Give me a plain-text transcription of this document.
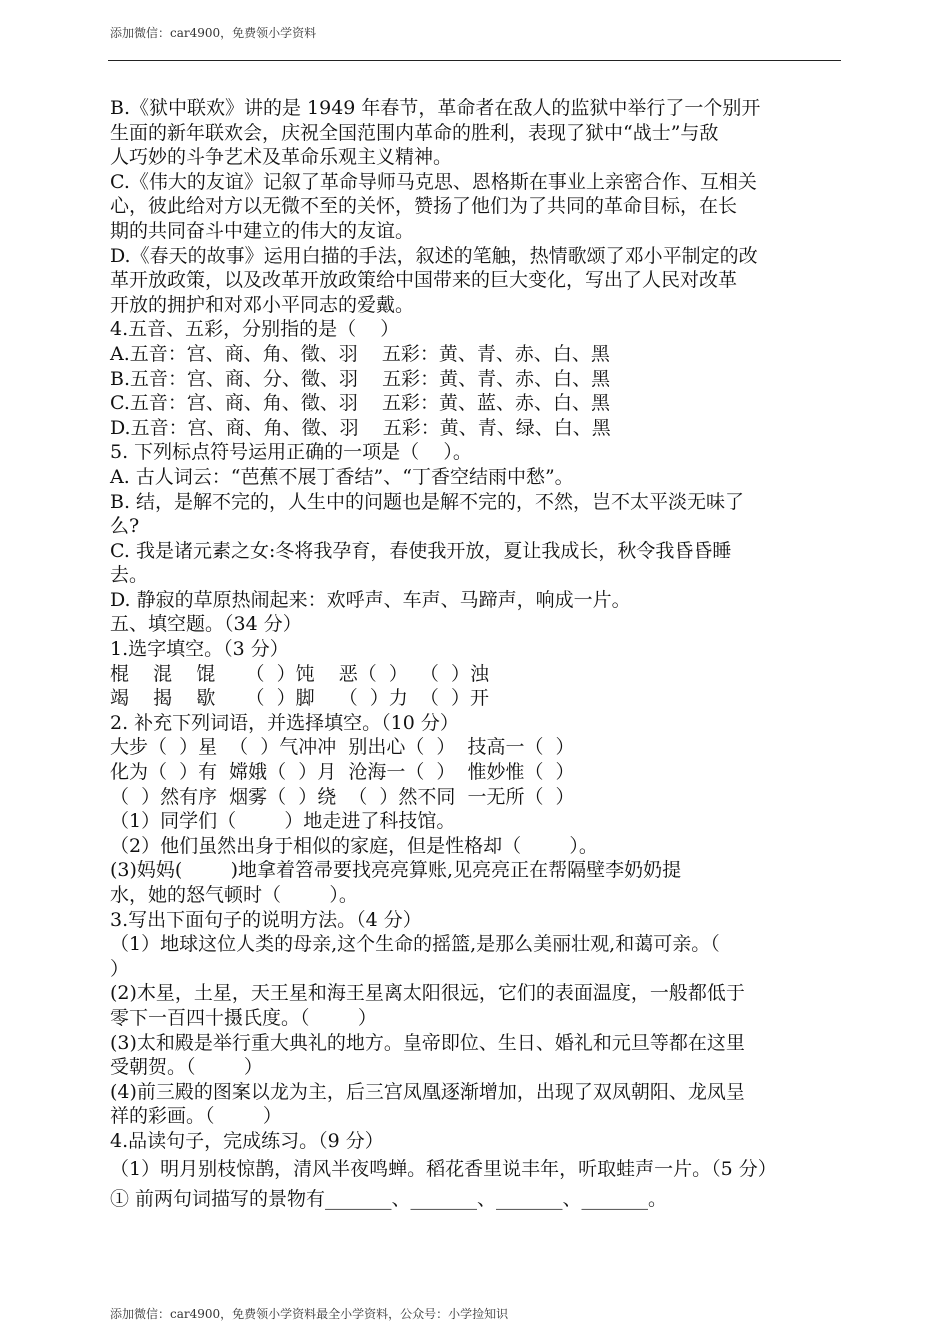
添加微信：car4900，免费领小学资料
B.《狱中联欢》讲的是 1949 年春节，革命者在敌人的监狱中举行了一个别开
生面的新年联欢会，庆祝全国范围内革命的胜利，表现了狱中“战士”与敌
人巧妙的斗争艺术及革命乐观主义精神。
C.《伟大的友谊》记叙了革命导师马克思、恩格斯在事业上亲密合作、互相关
心，彼此给对方以无微不至的关怀，赞扬了他们为了共同的革命目标，在长
期的共同奋斗中建立的伟大的友谊。
D.《春天的故事》运用白描的手法，叙述的笔触，热情歌颂了邓小平制定的改
革开放政策，以及改革开放政策给中国带来的巨大变化，写出了人民对改革
开放的拥护和对邓小平同志的爱戴。
4.五音、五彩，分别指的是（    ）
A.五音：宫、商、角、徵、羽    五彩：黄、青、赤、白、黑
B.五音：宫、商、分、徵、羽    五彩：黄、青、赤、白、黑
C.五音：宫、商、角、徵、羽    五彩：黄、蓝、赤、白、黑
D.五音：宫、商、角、徵、羽    五彩：黄、青、绿、白、黑
5. 下列标点符号运用正确的一项是（    ）。
A. 古人词云：“芭蕉不展丁香结”、“丁香空结雨中愁”。
B. 结，是解不完的，人生中的问题也是解不完的，不然，岂不太平淡无味了
么?
C. 我是诸元素之女:冬将我孕育，春使我开放，夏让我成长，秋令我昏昏睡
去。
D. 静寂的草原热闹起来：欢呼声、车声、马蹄声，响成一片。
五、填空题。（34 分）
1.选字填空。（3 分）
棍    混    馄     （  ）饨    恶（  ）  （  ）浊
竭    揭    歇     （  ）脚    （  ）力  （  ）开
2. 补充下列词语，并选择填空。（10 分）
大步（  ）星  （  ）气冲冲  别出心（  ）  技高一（  ）
化为（  ）有  嫦娥（  ）月  沧海一（  ）  惟妙惟（  ）
（  ）然有序  烟雾（  ）绕  （  ）然不同  一无所（  ）
（1）同学们（        ）地走进了科技馆。
（2）他们虽然出身于相似的家庭，但是性格却（        ）。
(3)妈妈(        )地拿着笤帚要找亮亮算账,见亮亮正在帮隔壁李奶奶提
水，她的怒气顿时（        ）。
3.写出下面句子的说明方法。（4 分）
（1）地球这位人类的母亲,这个生命的摇篮,是那么美丽壮观,和蔼可亲。（
）
(2)木星，土星，天王星和海王星离太阳很远，它们的表面温度，一般都低于
零下一百四十摄氏度。（        ）
(3)太和殿是举行重大典礼的地方。皇帝即位、生日、婚礼和元旦等都在这里
受朝贺。（        ）
(4)前三殿的图案以龙为主，后三宫凤凰逐渐增加，出现了双凤朝阳、龙凤呈
祥的彩画。（        ）
4.品读句子，完成练习。（9 分）
（1）明月别枝惊鹊，清风半夜鸣蝉。稻花香里说丰年，听取蛙声一片。（5 分）
① 前两句词描写的景物有_______、_______、_______、_______。
添加微信：car4900，免费领小学资料最全小学资料，公众号：小学捡知识
